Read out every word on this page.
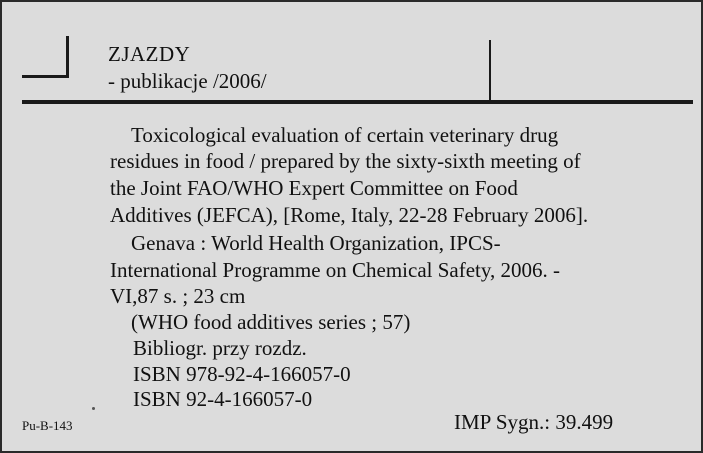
ZJAZDY
- publikacje /2006/
Toxicological evaluation of certain veterinary drug
residues in food / prepared by the sixty-sixth meeting of
the Joint FAO/WHO Expert Committee on Food
Additives (JEFCA), [Rome, Italy, 22-28 February 2006].
Genava : World Health Organization, IPCS-
International Programme on Chemical Safety, 2006. -
VI,87 s. ; 23 cm
(WHO food additives series ; 57)
Bibliogr. przy rozdz.
ISBN 978-92-4-166057-0
ISBN 92-4-166057-0
Pu-B-143	IMP Sygn.: 39.499
